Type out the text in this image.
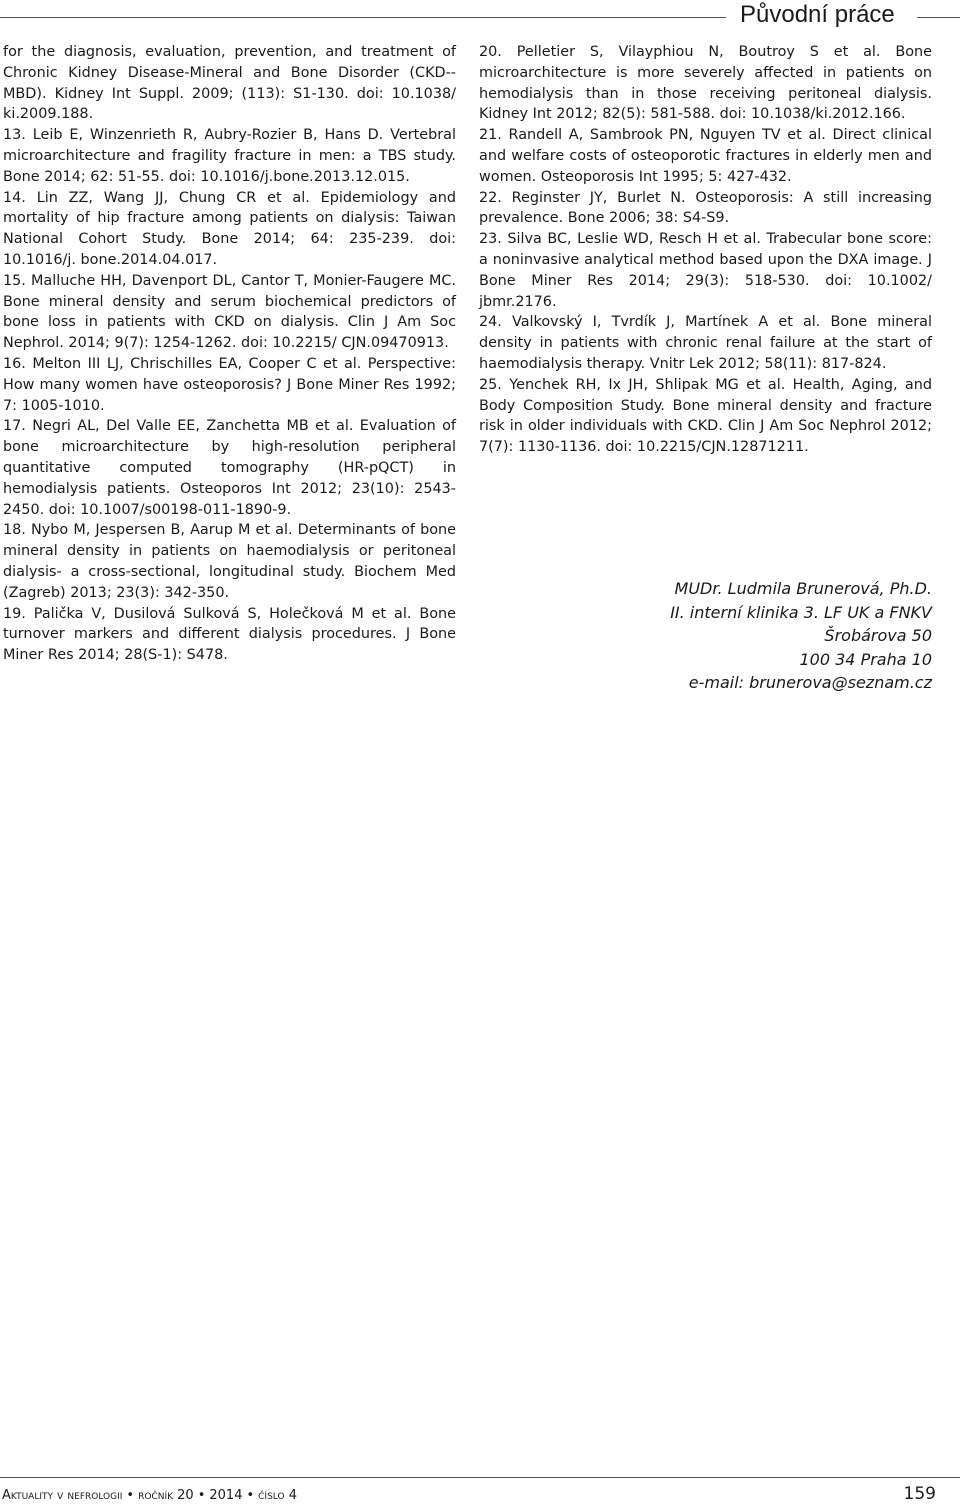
Původní práce

for the diagnosis, evaluation, prevention, and treatment of Chronic Kidney Disease-Mineral and Bone Disorder (CKD--MBD). Kidney Int Suppl. 2009; (113): S1-130. doi: 10.1038/ ki.2009.188.

13. Leib E, Winzenrieth R, Aubry-Rozier B, Hans D. Vertebral microarchitecture and fragility fracture in men: a TBS study. Bone 2014; 62: 51-55. doi: 10.1016/j.bone.2013.12.015.

14. Lin ZZ, Wang JJ, Chung CR et al. Epidemiology and mortality of hip fracture among patients on dialysis: Taiwan National Cohort Study. Bone 2014; 64: 235-239. doi: 10.1016/j. bone.2014.04.017.

15. Malluche HH, Davenport DL, Cantor T, Monier-Faugere MC. Bone mineral density and serum biochemical predictors of bone loss in patients with CKD on dialysis. Clin J Am Soc Nephrol. 2014; 9(7): 1254-1262. doi: 10.2215/ CJN.09470913.

16. Melton III LJ, Chrischilles EA, Cooper C et al. Perspective: How many women have osteoporosis? J Bone Miner Res 1992; 7: 1005-1010.

17. Negri AL, Del Valle EE, Zanchetta MB et al. Evaluation of bone microarchitecture by high-resolution peripheral quantitative computed tomography (HR-pQCT) in hemodialysis patients. Osteoporos Int 2012; 23(10): 2543-2450. doi: 10.1007/s00198-011-1890-9.

18. Nybo M, Jespersen B, Aarup M et al. Determinants of bone mineral density in patients on haemodialysis or peritoneal dialysis- a cross-sectional, longitudinal study. Biochem Med (Zagreb) 2013; 23(3): 342-350.

19. Palička V, Dusilová Sulková S, Holečková M et al. Bone turnover markers and different dialysis procedures. J Bone Miner Res 2014; 28(S-1): S478.

20. Pelletier S, Vilayphiou N, Boutroy S et al. Bone microarchitecture is more severely affected in patients on hemodialysis than in those receiving peritoneal dialysis. Kidney Int 2012; 82(5): 581-588. doi: 10.1038/ki.2012.166.

21. Randell A, Sambrook PN, Nguyen TV et al. Direct clinical and welfare costs of osteoporotic fractures in elderly men and women. Osteoporosis Int 1995; 5: 427-432.

22. Reginster JY, Burlet N. Osteoporosis: A still increasing prevalence. Bone 2006; 38: S4-S9.

23. Silva BC, Leslie WD, Resch H et al. Trabecular bone score: a noninvasive analytical method based upon the DXA image. J Bone Miner Res 2014; 29(3): 518-530. doi: 10.1002/ jbmr.2176.

24. Valkovský I, Tvrdík J, Martínek A et al. Bone mineral density in patients with chronic renal failure at the start of haemodialysis therapy. Vnitr Lek 2012; 58(11): 817-824.

25. Yenchek RH, Ix JH, Shlipak MG et al. Health, Aging, and Body Composition Study. Bone mineral density and fracture risk in older individuals with CKD. Clin J Am Soc Nephrol 2012; 7(7): 1130-1136. doi: 10.2215/CJN.12871211.

MUDr. Ludmila Brunerová, Ph.D.
II. interní klinika 3. LF UK a FNKV
Šrobárova 50
100 34 Praha 10
e-mail: brunerova@seznam.cz
Aktuality v nefrologii • ročník 20 • 2014 • číslo 4	159
